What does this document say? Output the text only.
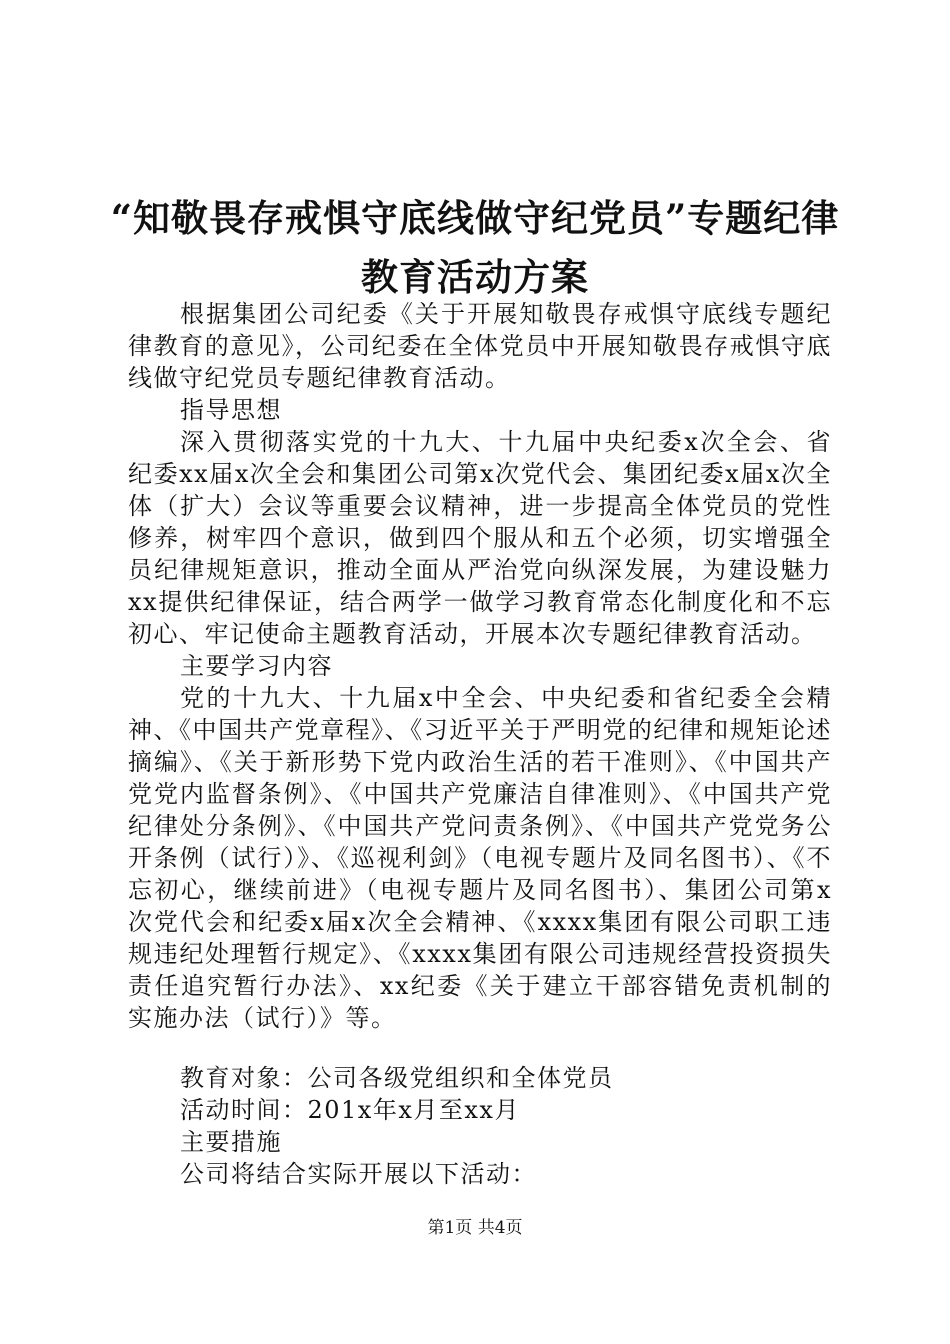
“知敬畏存戒惧守底线做守纪党员”专题纪律
教育活动方案

根据集团公司纪委《关于开展知敬畏存戒惧守底线专题纪律教育的意见》，公司纪委在全体党员中开展知敬畏存戒惧守底线做守纪党员专题纪律教育活动。

指导思想

深入贯彻落实党的十九大、十九届中央纪委x次全会、省纪委xx届x次全会和集团公司第x次党代会、集团纪委x届x次全体（扩大）会议等重要会议精神，进一步提高全体党员的党性修养，树牢四个意识，做到四个服从和五个必须，切实增强全员纪律规矩意识，推动全面从严治党向纵深发展，为建设魅力xx提供纪律保证，结合两学一做学习教育常态化制度化和不忘初心、牢记使命主题教育活动，开展本次专题纪律教育活动。

主要学习内容

党的十九大、十九届x中全会、中央纪委和省纪委全会精神、《中国共产党章程》、《习近平关于严明党的纪律和规矩论述摘编》、《关于新形势下党内政治生活的若干准则》、《中国共产党党内监督条例》、《中国共产党廉洁自律准则》、《中国共产党纪律处分条例》、《中国共产党问责条例》、《中国共产党党务公开条例（试行）》、《巡视利剑》（电视专题片及同名图书）、《不忘初心，继续前进》（电视专题片及同名图书）、集团公司第x次党代会和纪委x届x次全会精神、《xxxx集团有限公司职工违规违纪处理暂行规定》、《xxxx集团有限公司违规经营投资损失责任追究暂行办法》、xx纪委《关于建立干部容错免责机制的实施办法（试行）》等。

教育对象：公司各级党组织和全体党员

活动时间：201x年x月至xx月

主要措施

公司将结合实际开展以下活动：

第1页 共4页
